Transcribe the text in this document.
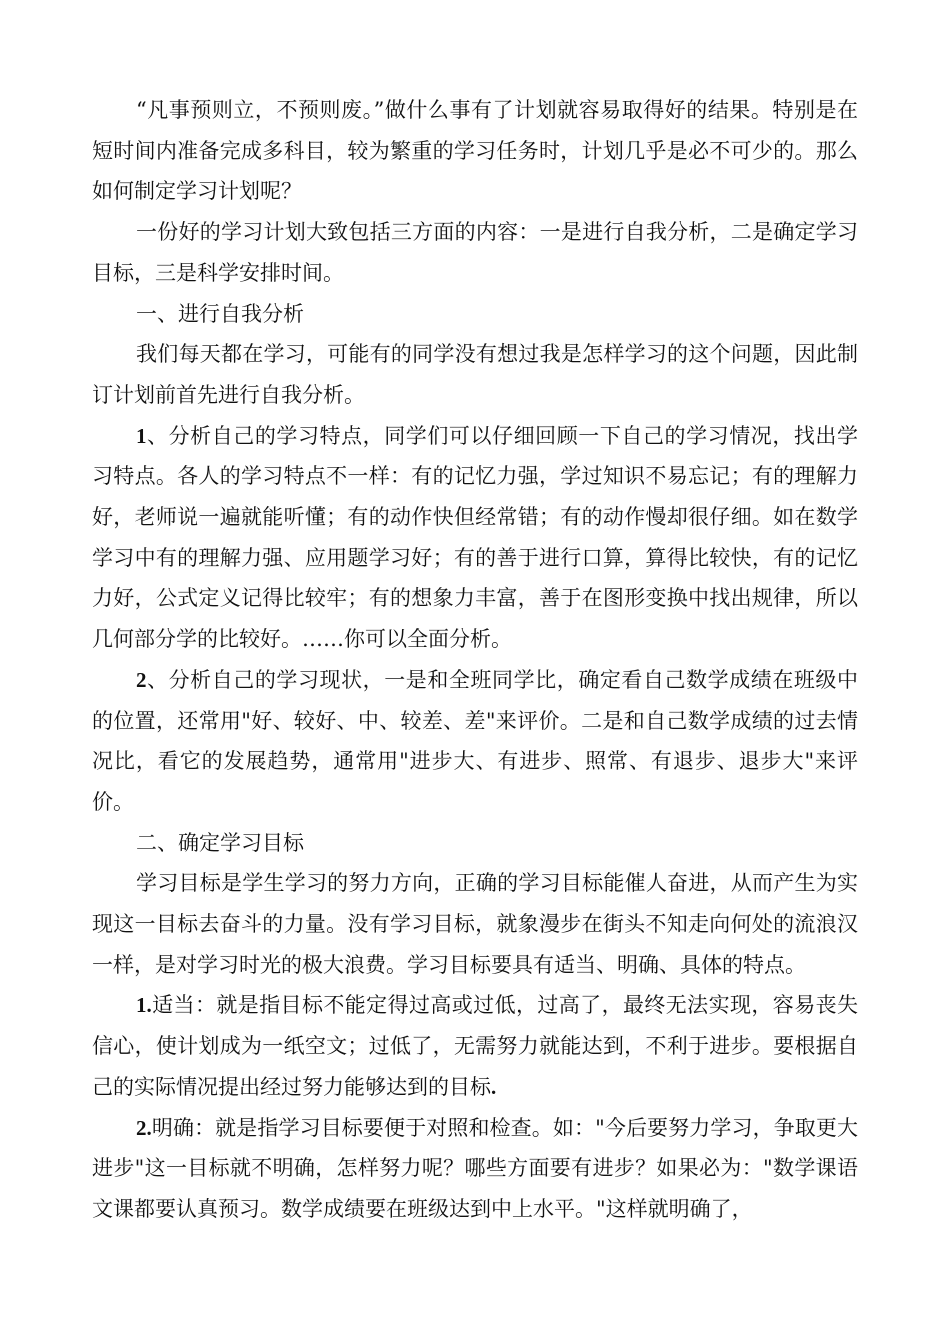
“凡事预则立，不预则废。”做什么事有了计划就容易取得好的结果。特别是在短时间内准备完成多科目，较为繁重的学习任务时，计划几乎是必不可少的。那么如何制定学习计划呢？

一份好的学习计划大致包括三方面的内容：一是进行自我分析，二是确定学习目标，三是科学安排时间。

一、进行自我分析

我们每天都在学习，可能有的同学没有想过我是怎样学习的这个问题，因此制订计划前首先进行自我分析。

1、分析自己的学习特点，同学们可以仔细回顾一下自己的学习情况，找出学习特点。各人的学习特点不一样：有的记忆力强，学过知识不易忘记；有的理解力好，老师说一遍就能听懂；有的动作快但经常错；有的动作慢却很仔细。如在数学学习中有的理解力强、应用题学习好；有的善于进行口算，算得比较快，有的记忆力好，公式定义记得比较牢；有的想象力丰富，善于在图形变换中找出规律，所以几何部分学的比较好。……你可以全面分析。

2、分析自己的学习现状，一是和全班同学比，确定看自己数学成绩在班级中的位置，还常用"好、较好、中、较差、差"来评价。二是和自己数学成绩的过去情况比，看它的发展趋势，通常用"进步大、有进步、照常、有退步、退步大"来评价。

二、确定学习目标

学习目标是学生学习的努力方向，正确的学习目标能催人奋进，从而产生为实现这一目标去奋斗的力量。没有学习目标，就象漫步在街头不知走向何处的流浪汉一样，是对学习时光的极大浪费。学习目标要具有适当、明确、具体的特点。

1.适当：就是指目标不能定得过高或过低，过高了，最终无法实现，容易丧失信心，使计划成为一纸空文；过低了，无需努力就能达到，不利于进步。要根据自己的实际情况提出经过努力能够达到的目标.

2.明确：就是指学习目标要便于对照和检查。如："今后要努力学习，争取更大进步"这一目标就不明确，怎样努力呢？哪些方面要有进步？如果必为："数学课语文课都要认真预习。数学成绩要在班级达到中上水平。"这样就明确了，
